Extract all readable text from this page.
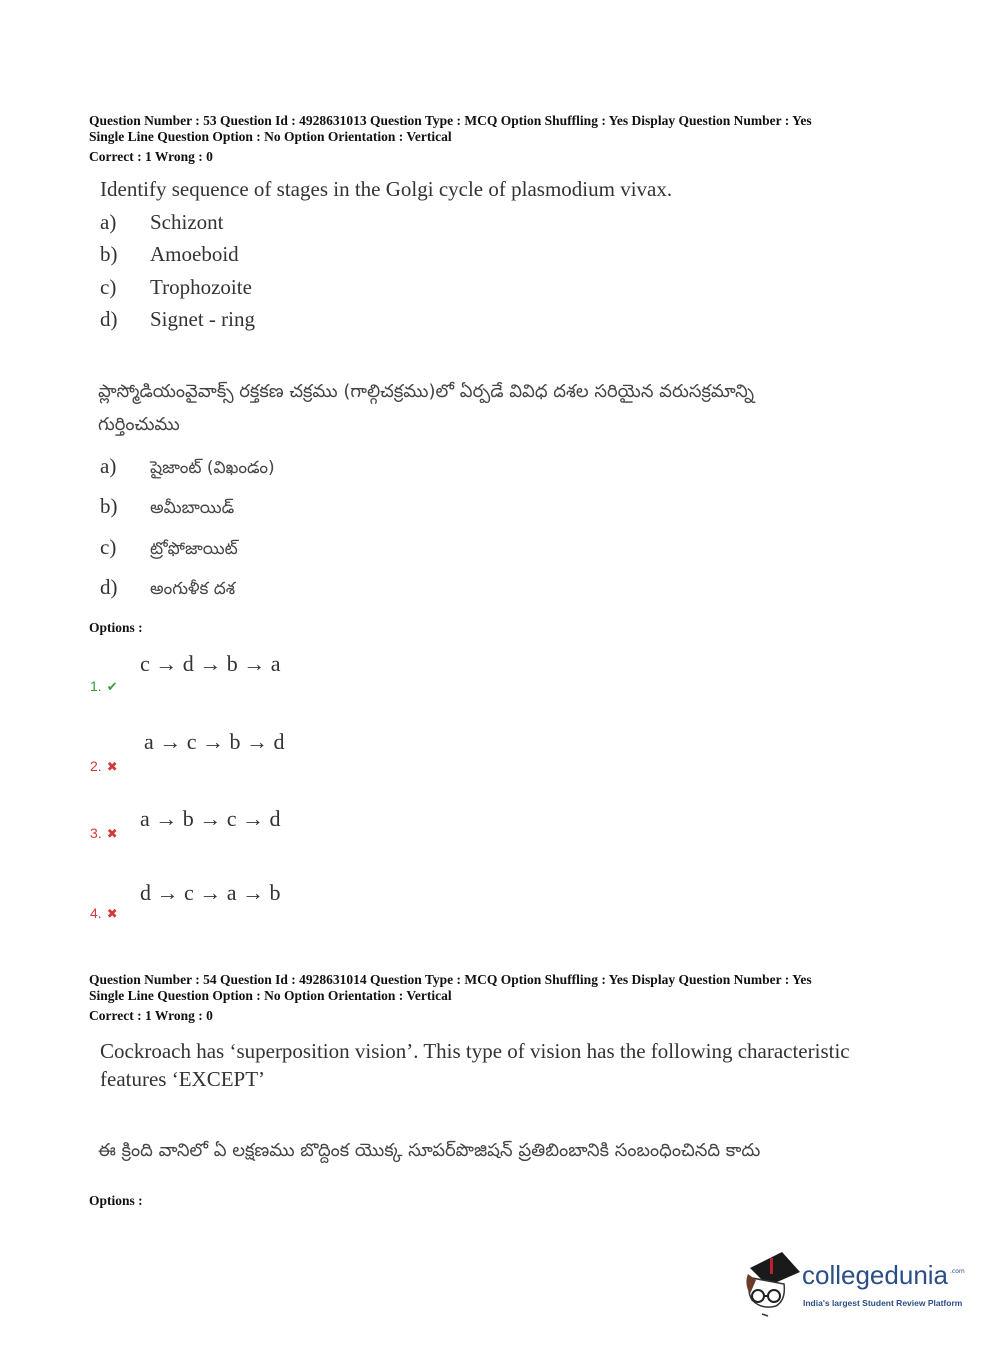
Question Number : 53 Question Id : 4928631013 Question Type : MCQ Option Shuffling : Yes Display Question Number : Yes
Single Line Question Option : No Option Orientation : Vertical
Correct : 1 Wrong : 0
Identify sequence of stages in the Golgi cycle of plasmodium vivax.
a) Schizont
b) Amoeboid
c) Trophozoite
d) Signet - ring
ప్లాస్మోడియంవైవాక్స్ రక్తకణ చక్రము (గాల్గిచక్రము)లో ఏర్పడే వివిధ దశల సరియైన వరుసక్రమాన్ని
గుర్తించుము
a) షైజాంట్ (విఖండం)
b) అమీబాయిడ్
c) ట్రోఫోజాయిట్
d) అంగుళీక దశ
Options :
c → d → b → a
1. ✔
a → c → b → d
2. ✖
a → b → c → d
3. ✖
d → c → a → b
4. ✖
Question Number : 54 Question Id : 4928631014 Question Type : MCQ Option Shuffling : Yes Display Question Number : Yes
Single Line Question Option : No Option Orientation : Vertical
Correct : 1 Wrong : 0
Cockroach has ‘superposition vision’. This type of vision has the following characteristic
features ‘EXCEPT’
ఈ క్రింది వానిలో ఏ లక్షణము బొద్దింక యొక్క సూపర్‌పొజిషన్ ప్రతిబింబానికి సంబంధించినది కాదు
Options :
collegedunia .com
India's largest Student Review Platform
